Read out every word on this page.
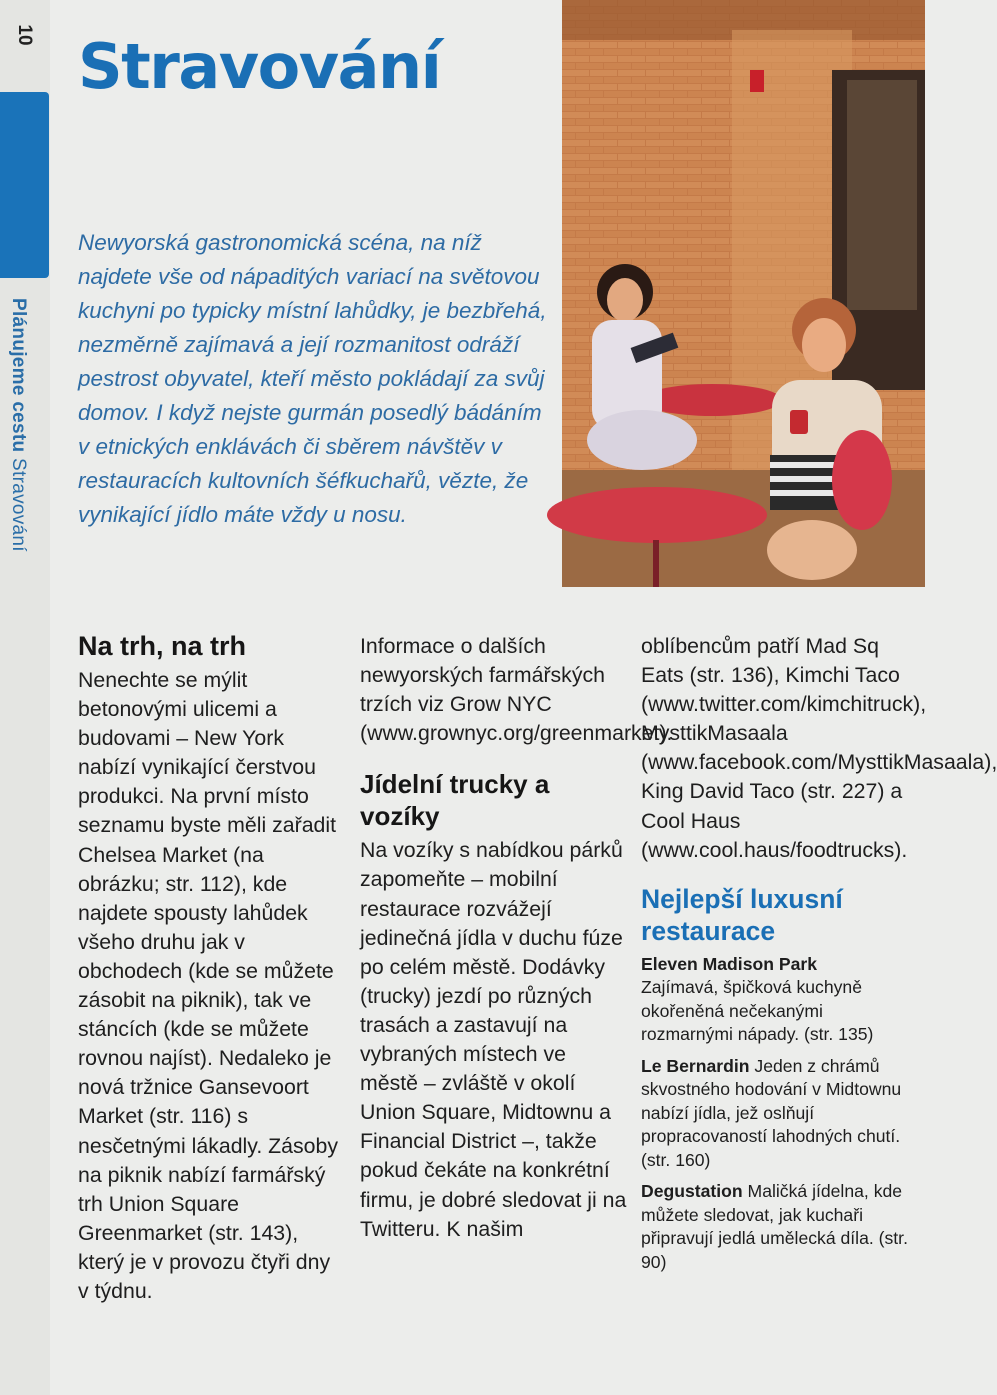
10
Plánujeme cestu Stravování
Stravování

Newyorská gastronomická scéna, na níž najdete vše od nápaditých variací na světovou kuchyni po typicky místní lahůdky, je bezbřehá, nezměrně zajímavá a její rozmanitost odráží pestrost obyvatel, kteří město pokládají za svůj domov. I když nejste gurmán posedlý bádáním v etnických enklávách či sběrem návštěv v restauracích kultovních šéfkuchařů, vězte, že vynikající jídlo máte vždy u nosu.

Na trh, na trh

Nenechte se mýlit betonovými ulicemi a budovami – New York nabízí vynikající čerstvou produkci. Na první místo seznamu byste měli zařadit Chelsea Market (na obrázku; str. 112), kde najdete spousty lahůdek všeho druhu jak v obchodech (kde se můžete zásobit na piknik), tak ve stáncích (kde se můžete rovnou najíst). Nedaleko je nová tržnice Gansevoort Market (str. 116) s nesčetnými lákadly. Zásoby na piknik nabízí farmářský trh Union Square Greenmarket (str. 143), který je v provozu čtyři dny v týdnu.

Informace o dalších newyorských farmářských trzích viz Grow NYC (www.grownyc.org/greenmarket).

Jídelní trucky a vozíky

Na vozíky s nabídkou párků zapomeňte – mobilní restaurace rozvážejí jedinečná jídla v duchu fúze po celém městě. Dodávky (trucky) jezdí po různých trasách a zastavují na vybraných místech ve městě – zvláště v okolí Union Square, Midtownu a Financial District –, takže pokud čekáte na konkrétní firmu, je dobré sledovat ji na Twitteru. K našim

oblíbencům patří Mad Sq Eats (str. 136), Kimchi Taco (www.twitter.com/kimchitruck), MysttikMasaala (www.facebook.com/MysttikMasaala), King David Taco (str. 227) a Cool Haus (www.cool.haus/foodtrucks).

Nejlepší luxusní restaurace

Eleven Madison Park
Zajímavá, špičková kuchyně okořeněná nečekanými rozmarnými nápady. (str. 135)

Le Bernardin Jeden z chrámů skvostného hodování v Midtownu nabízí jídla, jež oslňují propracovaností lahodných chutí. (str. 160)

Degustation Maličká jídelna, kde můžete sledovat, jak kuchaři připravují jedlá umělecká díla. (str. 90)
